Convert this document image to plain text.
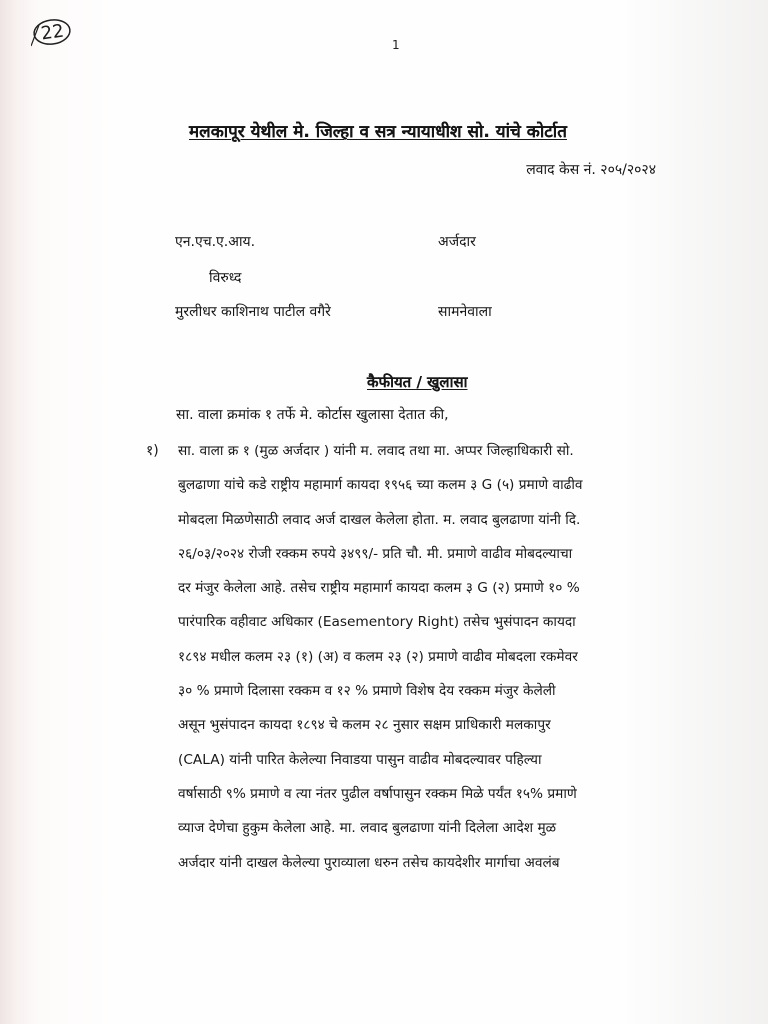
22
1
मलकापूर येथील मे. जिल्हा व सत्र न्यायाधीश सो. यांचे कोर्टात
लवाद केस नं. २०५/२०२४
एन.एच.ए.आय.	अर्जदार
विरुध्द
मुरलीधर काशिनाथ पाटील वगैरे	सामनेवाला
कैफीयत / खुलासा
सा. वाला क्रमांक १ तर्फे मे. कोर्टास खुलासा देतात की,
१) सा. वाला क्र १ (मुळ अर्जदार ) यांनी म. लवाद तथा मा. अप्पर जिल्हाधिकारी सो.
बुलढाणा यांचे कडे राष्ट्रीय महामार्ग कायदा १९५६ च्या कलम ३ G (५) प्रमाणे वाढीव
मोबदला मिळणेसाठी लवाद अर्ज दाखल केलेला होता. म. लवाद बुलढाणा यांनी दि.
२६/०३/२०२४ रोजी रक्कम रुपये ३४९९/- प्रति चौ. मी. प्रमाणे वाढीव मोबदल्याचा
दर मंजुर केलेला आहे. तसेच राष्ट्रीय महामार्ग कायदा कलम ३ G (२) प्रमाणे १० %
पारंपारिक वहीवाट अधिकार (Easementory Right) तसेच भुसंपादन कायदा
१८९४ मधील कलम २३ (१) (अ) व कलम २३ (२) प्रमाणे वाढीव मोबदला रकमेवर
३० % प्रमाणे दिलासा रक्कम व १२ % प्रमाणे विशेष देय रक्कम मंजुर केलेली
असून भुसंपादन कायदा १८९४ चे कलम २८ नुसार सक्षम प्राधिकारी मलकापुर
(CALA) यांनी पारित केलेल्या निवाडया पासुन वाढीव मोबदल्यावर पहिल्या
वर्षासाठी ९% प्रमाणे व त्या नंतर पुढील वर्षापासुन रक्कम मिळे पर्यंत १५% प्रमाणे
व्याज देणेचा हुकुम केलेला आहे. मा. लवाद बुलढाणा यांनी दिलेला आदेश मुळ
अर्जदार यांनी दाखल केलेल्या पुराव्याला धरुन तसेच कायदेशीर मार्गाचा अवलंब
